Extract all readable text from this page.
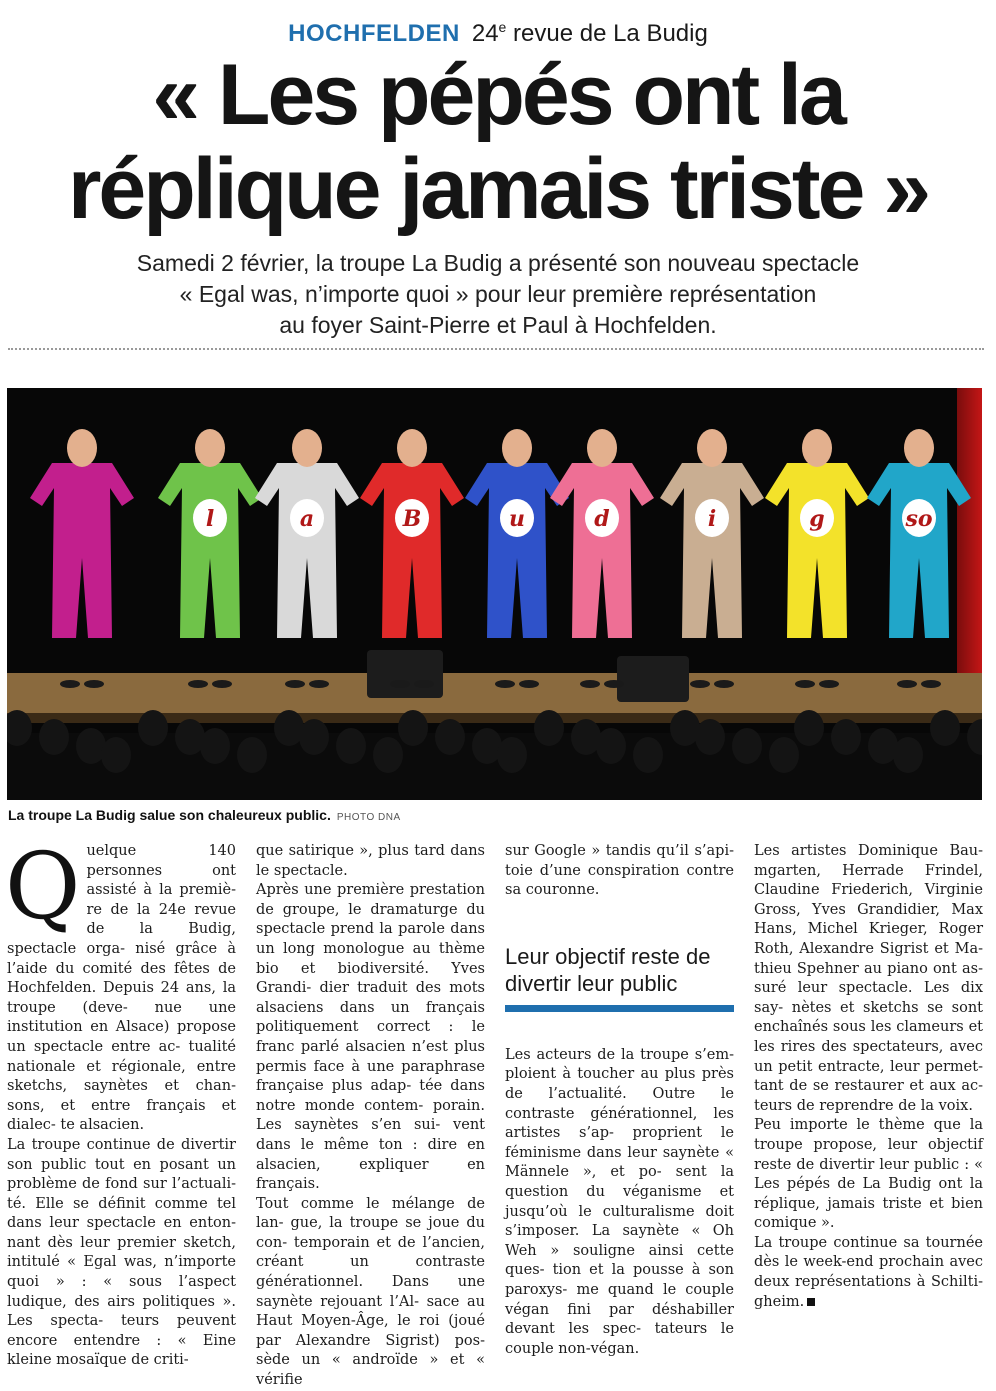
HOCHFELDEN 24e revue de La Budig
« Les pépés ont la
réplique jamais triste »
Samedi 2 février, la troupe La Budig a présenté son nouveau spectacle
« Egal was, n’importe quoi » pour leur première représentation
au foyer Saint-Pierre et Paul à Hochfelden.
l	a	B	u	d	i	g	so
La troupe La Budig salue son chaleureux public. PHOTO DNA
Q uelque 140 personnes ont assisté à la premiè- re de la 24e revue de la Budig, spectacle orga- nisé grâce à l’aide du comité des fêtes de Hochfelden. Depuis 24 ans, la troupe (deve- nue une institution en Alsace) propose un spectacle entre ac- tualité nationale et régionale, entre sketchs, saynètes et chan- sons, et entre français et dialec- te alsacien.

La troupe continue de divertir son public tout en posant un problème de fond sur l’actuali- té. Elle se définit comme tel dans leur spectacle en enton- nant dès leur premier sketch, intitulé « Egal was, n’importe quoi » : « sous l’aspect ludique, des airs politiques ». Les specta- teurs peuvent encore entendre : « Eine kleine mosaïque de criti-

que satirique », plus tard dans le spectacle.

Après une première prestation de groupe, le dramaturge du spectacle prend la parole dans un long monologue au thème bio et biodiversité. Yves Grandi- dier traduit des mots alsaciens dans un français politiquement correct : le franc parlé alsacien n’est plus permis face à une paraphrase française plus adap- tée dans notre monde contem- porain. Les saynètes s’en sui- vent dans le même ton : dire en alsacien, expliquer en français.

Tout comme le mélange de lan- gue, la troupe se joue du con- temporain et de l’ancien, créant un contraste générationnel. Dans une saynète rejouant l’Al- sace au Haut Moyen-Âge, le roi (joué par Alexandre Sigrist) pos- sède un « androïde » et « vérifie

sur Google » tandis qu’il s’api- toie d’une conspiration contre sa couronne.

Leur objectif reste de divertir leur public

Les acteurs de la troupe s’em- ploient à toucher au plus près de l’actualité. Outre le contraste générationnel, les artistes s’ap- proprient le féminisme dans leur saynète « Männele », et po- sent la question du véganisme et jusqu’où le culturalisme doit s’imposer. La saynète « Oh Weh » souligne ainsi cette ques- tion et la pousse à son paroxys- me quand le couple végan fini par déshabiller devant les spec- tateurs le couple non-végan.

Les artistes Dominique Bau- mgarten, Herrade Frindel, Claudine Friederich, Virginie Gross, Yves Grandidier, Max Hans, Michel Krieger, Roger Roth, Alexandre Sigrist et Ma- thieu Spehner au piano ont as- suré leur spectacle. Les dix say- nètes et sketchs se sont enchaînés sous les clameurs et les rires des spectateurs, avec un petit entracte, leur permet- tant de se restaurer et aux ac- teurs de reprendre de la voix.

Peu importe le thème que la troupe propose, leur objectif reste de divertir leur public : « Les pépés de La Budig ont la réplique, jamais triste et bien comique ».

La troupe continue sa tournée dès le week-end prochain avec deux représentations à Schilti- gheim.
